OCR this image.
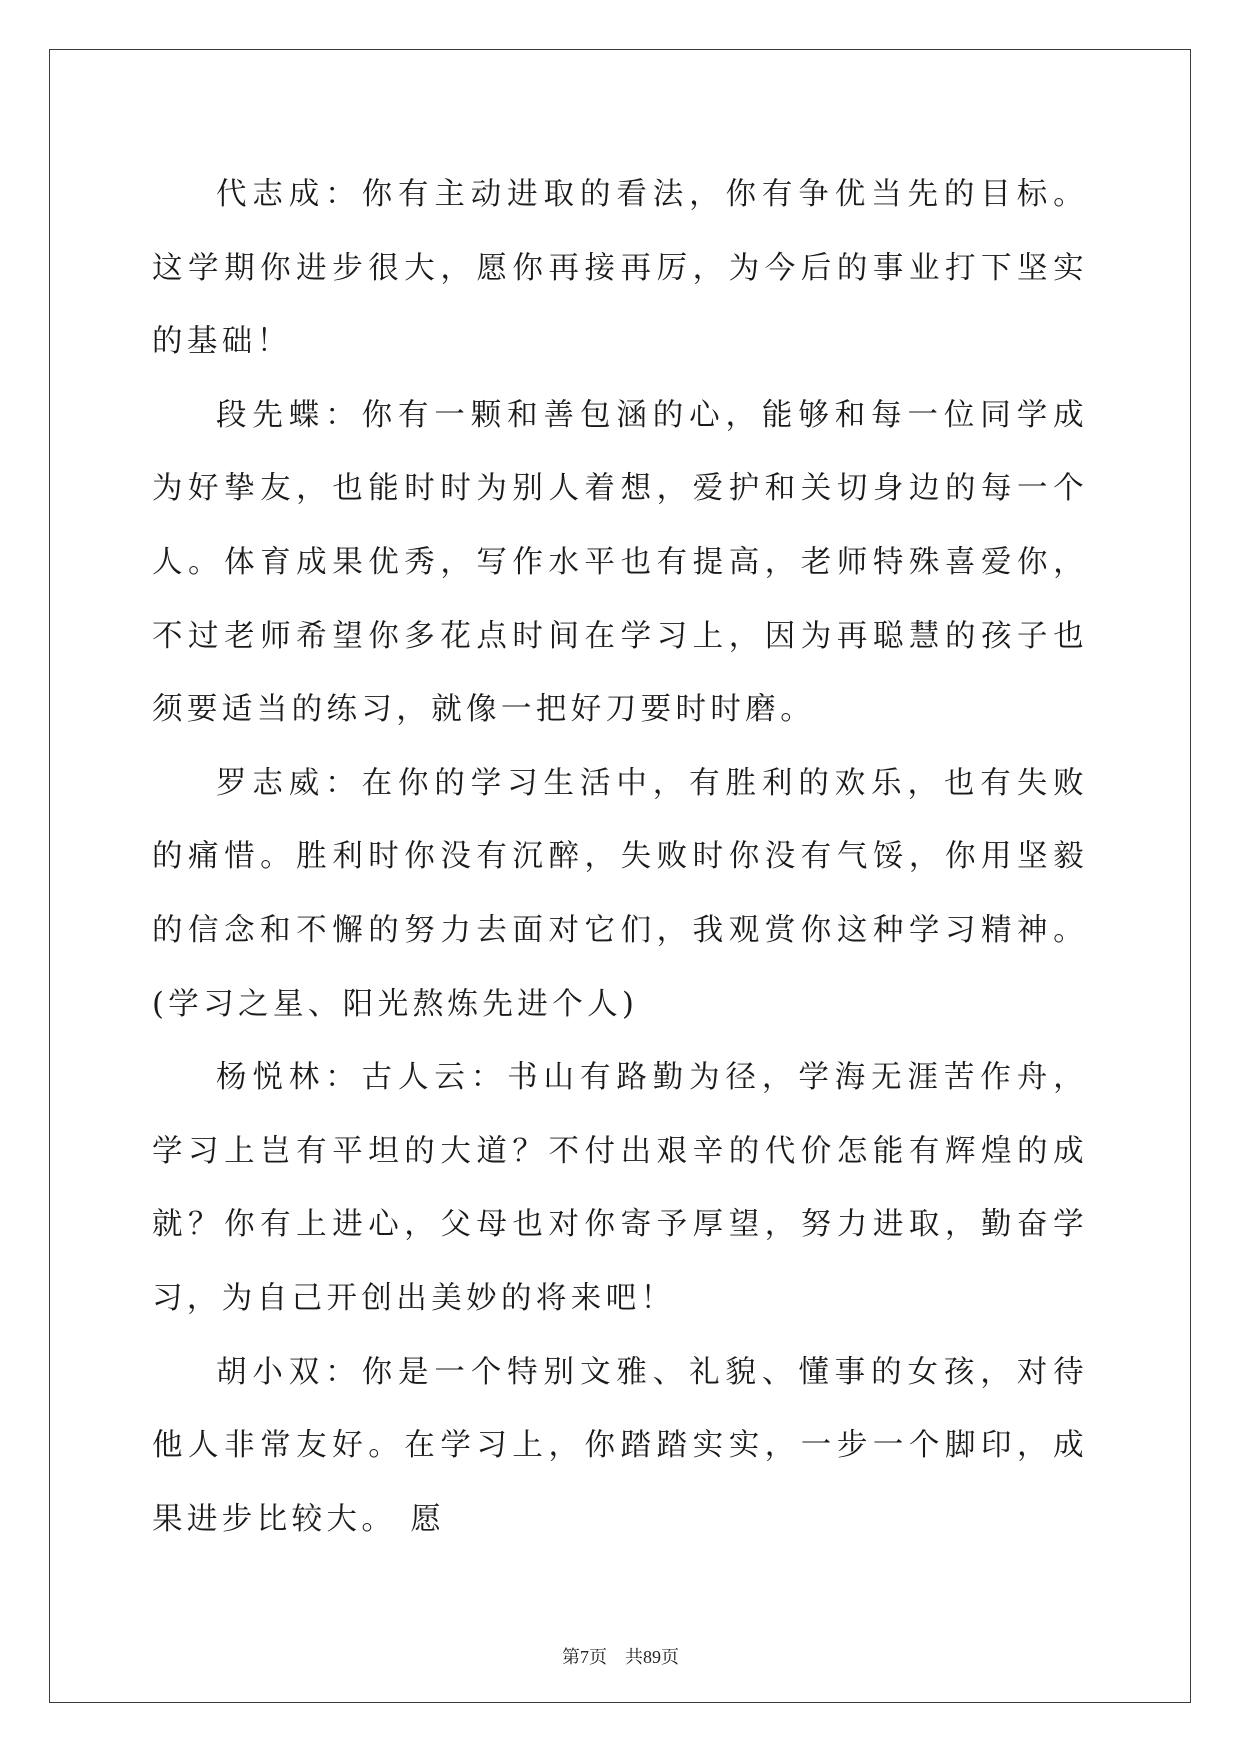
代志成：你有主动进取的看法，你有争优当先的目标。这学期你进步很大，愿你再接再厉，为今后的事业打下坚实的基础！

段先蝶：你有一颗和善包涵的心，能够和每一位同学成为好挚友，也能时时为别人着想，爱护和关切身边的每一个人。体育成果优秀，写作水平也有提高，老师特殊喜爱你，不过老师希望你多花点时间在学习上，因为再聪慧的孩子也须要适当的练习，就像一把好刀要时时磨。

罗志威：在你的学习生活中，有胜利的欢乐，也有失败的痛惜。胜利时你没有沉醉，失败时你没有气馁，你用坚毅的信念和不懈的努力去面对它们，我观赏你这种学习精神。(学习之星、阳光熬炼先进个人)

杨悦林：古人云：书山有路勤为径，学海无涯苦作舟，学习上岂有平坦的大道？不付出艰辛的代价怎能有辉煌的成就？你有上进心，父母也对你寄予厚望，努力进取，勤奋学习，为自己开创出美妙的将来吧！

胡小双：你是一个特别文雅、礼貌、懂事的女孩，对待他人非常友好。在学习上，你踏踏实实，一步一个脚印，成果进步比较大。 愿

第7页 共89页
